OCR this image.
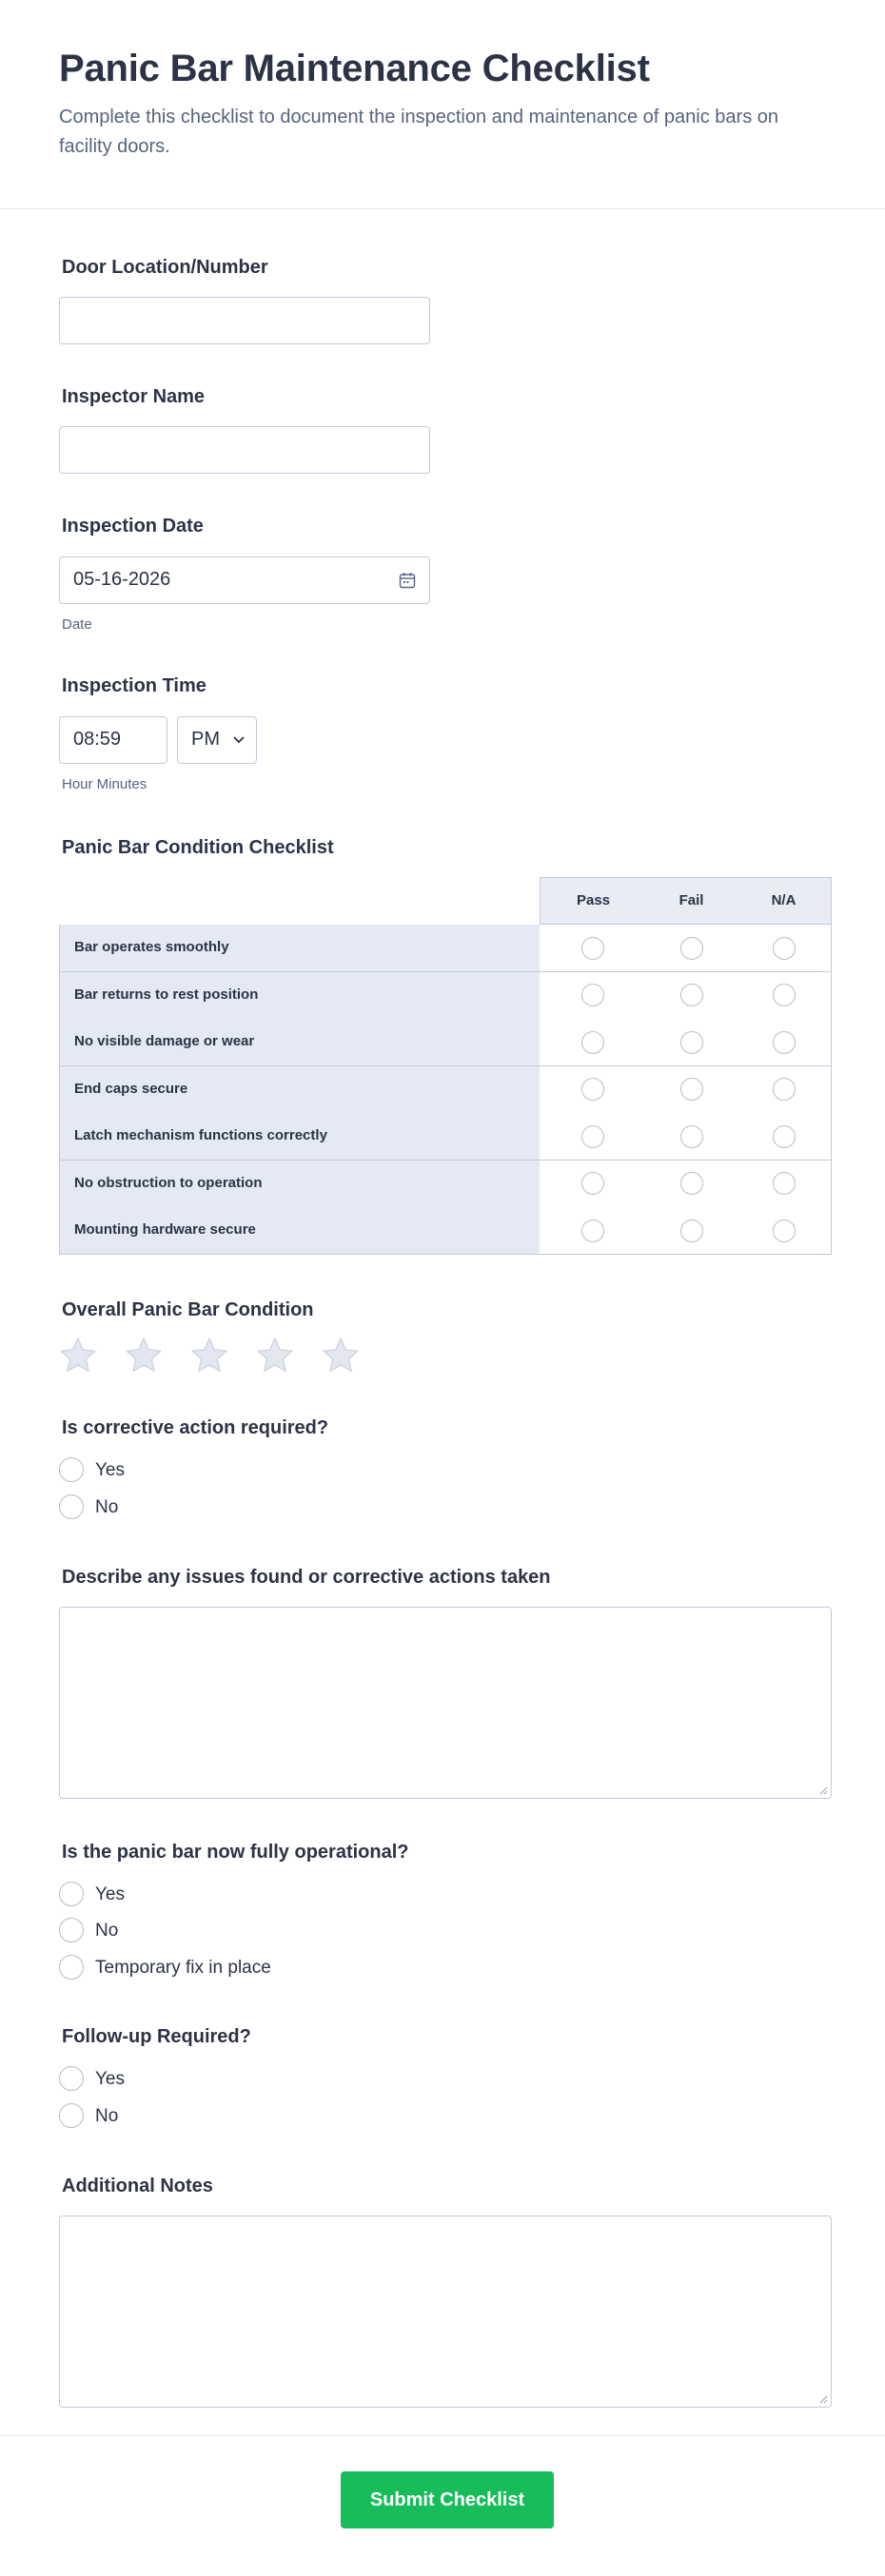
Panic Bar Maintenance Checklist

Complete this checklist to document the inspection and maintenance of panic bars on facility doors.

Door Location/Number
Inspector Name
Inspection Date
05-16-2026
Date
Inspection Time
08:59	PM
Hour Minutes
Panic Bar Condition Checklist
Pass	Fail	N/A
Bar operates smoothly
Bar returns to rest position
No visible damage or wear
End caps secure
Latch mechanism functions correctly
No obstruction to operation
Mounting hardware secure
Overall Panic Bar Condition
Is corrective action required?
Yes
No
Describe any issues found or corrective actions taken
Is the panic bar now fully operational?
Yes
No
Temporary fix in place
Follow-up Required?
Yes
No
Additional Notes
Submit Checklist
